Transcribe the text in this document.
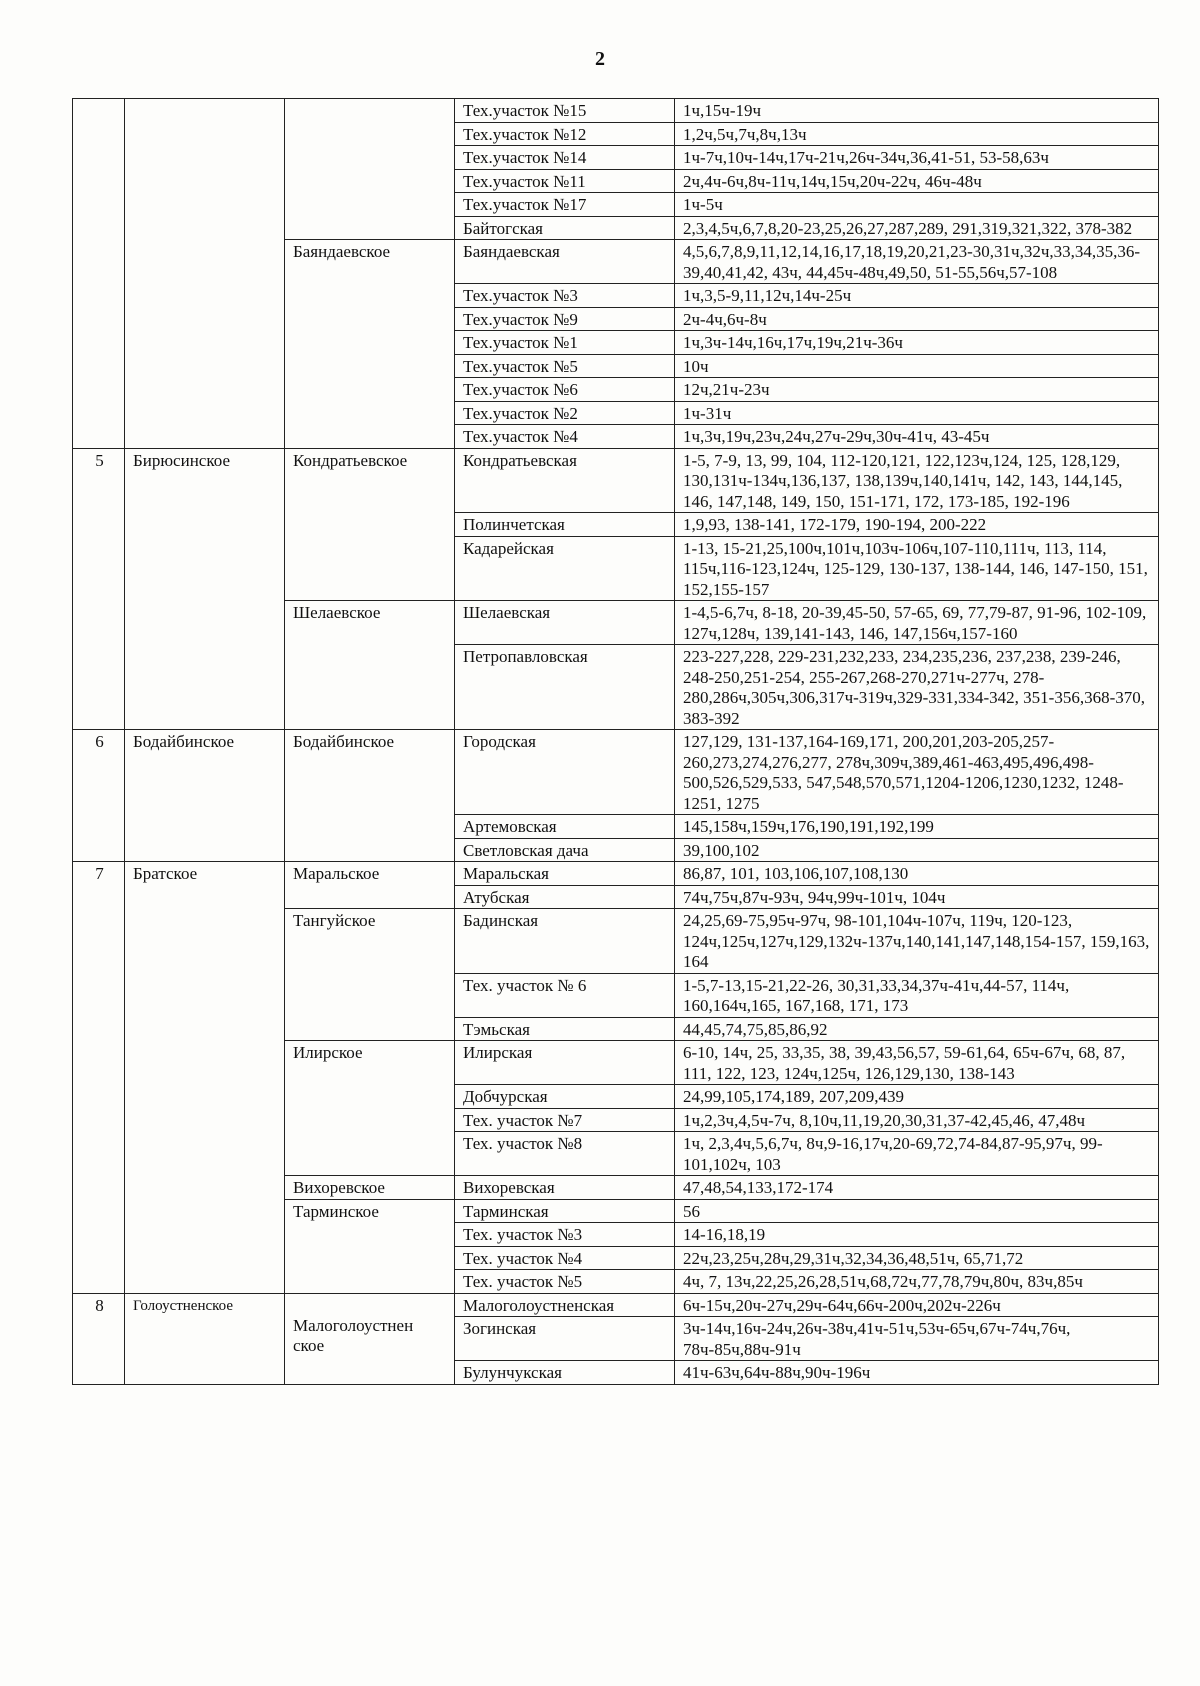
2
			Тех.участок №15	1ч,15ч-19ч
			Тех.участок №12	1,2ч,5ч,7ч,8ч,13ч
			Тех.участок №14	1ч-7ч,10ч-14ч,17ч-21ч,26ч-34ч,36,41-51, 53-58,63ч
			Тех.участок №11	2ч,4ч-6ч,8ч-11ч,14ч,15ч,20ч-22ч, 46ч-48ч
			Тех.участок №17	1ч-5ч
			Байтогская	2,3,4,5ч,6,7,8,20-23,25,26,27,287,289, 291,319,321,322, 378-382
		Баяндаевское	Баяндаевская	4,5,6,7,8,9,11,12,14,16,17,18,19,20,21,23-30,31ч,32ч,33,34,35,36-39,40,41,42, 43ч, 44,45ч-48ч,49,50, 51-55,56ч,57-108
			Тех.участок №3	1ч,3,5-9,11,12ч,14ч-25ч
			Тех.участок №9	2ч-4ч,6ч-8ч
			Тех.участок №1	1ч,3ч-14ч,16ч,17ч,19ч,21ч-36ч
			Тех.участок №5	10ч
			Тех.участок №6	12ч,21ч-23ч
			Тех.участок №2	1ч-31ч
			Тех.участок №4	1ч,3ч,19ч,23ч,24ч,27ч-29ч,30ч-41ч, 43-45ч
5	Бирюсинское	Кондратьевское	Кондратьевская	1-5, 7-9, 13, 99, 104, 112-120,121, 122,123ч,124, 125, 128,129, 130,131ч-134ч,136,137, 138,139ч,140,141ч, 142, 143, 144,145, 146, 147,148, 149, 150, 151-171, 172, 173-185, 192-196
			Полинчетская	1,9,93, 138-141, 172-179, 190-194, 200-222
			Кадарейская	1-13, 15-21,25,100ч,101ч,103ч-106ч,107-110,111ч, 113, 114, 115ч,116-123,124ч, 125-129, 130-137, 138-144, 146, 147-150, 151, 152,155-157
		Шелаевское	Шелаевская	1-4,5-6,7ч, 8-18, 20-39,45-50, 57-65, 69, 77,79-87, 91-96, 102-109, 127ч,128ч, 139,141-143, 146, 147,156ч,157-160
			Петропавловская	223-227,228, 229-231,232,233, 234,235,236, 237,238, 239-246, 248-250,251-254, 255-267,268-270,271ч-277ч, 278-280,286ч,305ч,306,317ч-319ч,329-331,334-342, 351-356,368-370, 383-392
6	Бодайбинское	Бодайбинское	Городская	127,129, 131-137,164-169,171, 200,201,203-205,257-260,273,274,276,277, 278ч,309ч,389,461-463,495,496,498-500,526,529,533, 547,548,570,571,1204-1206,1230,1232, 1248-1251, 1275
			Артемовская	145,158ч,159ч,176,190,191,192,199
			Светловская дача	39,100,102
7	Братское	Маральское	Маральская	86,87, 101, 103,106,107,108,130
			Атубская	74ч,75ч,87ч-93ч, 94ч,99ч-101ч, 104ч
		Тангуйское	Бадинская	24,25,69-75,95ч-97ч, 98-101,104ч-107ч, 119ч, 120-123, 124ч,125ч,127ч,129,132ч-137ч,140,141,147,148,154-157, 159,163, 164
			Тех. участок № 6	1-5,7-13,15-21,22-26, 30,31,33,34,37ч-41ч,44-57, 114ч, 160,164ч,165, 167,168, 171, 173
			Тэмьская	44,45,74,75,85,86,92
		Илирское	Илирская	6-10, 14ч, 25, 33,35, 38, 39,43,56,57, 59-61,64, 65ч-67ч, 68, 87, 111, 122, 123, 124ч,125ч, 126,129,130, 138-143
			Добчурская	24,99,105,174,189, 207,209,439
			Тех. участок №7	1ч,2,3ч,4,5ч-7ч, 8,10ч,11,19,20,30,31,37-42,45,46, 47,48ч
			Тех. участок №8	1ч, 2,3,4ч,5,6,7ч, 8ч,9-16,17ч,20-69,72,74-84,87-95,97ч, 99-101,102ч, 103
		Вихоревское	Вихоревская	47,48,54,133,172-174
		Тарминское	Тарминская	56
			Тех. участок №3	14-16,18,19
			Тех. участок №4	22ч,23,25ч,28ч,29,31ч,32,34,36,48,51ч, 65,71,72
			Тех. участок №5	4ч, 7, 13ч,22,25,26,28,51ч,68,72ч,77,78,79ч,80ч, 83ч,85ч
8	Голоустненское	Малоголоустнен ское	Малоголоустненская	6ч-15ч,20ч-27ч,29ч-64ч,66ч-200ч,202ч-226ч
			Зогинская	3ч-14ч,16ч-24ч,26ч-38ч,41ч-51ч,53ч-65ч,67ч-74ч,76ч, 78ч-85ч,88ч-91ч
			Булунчукская	41ч-63ч,64ч-88ч,90ч-196ч
